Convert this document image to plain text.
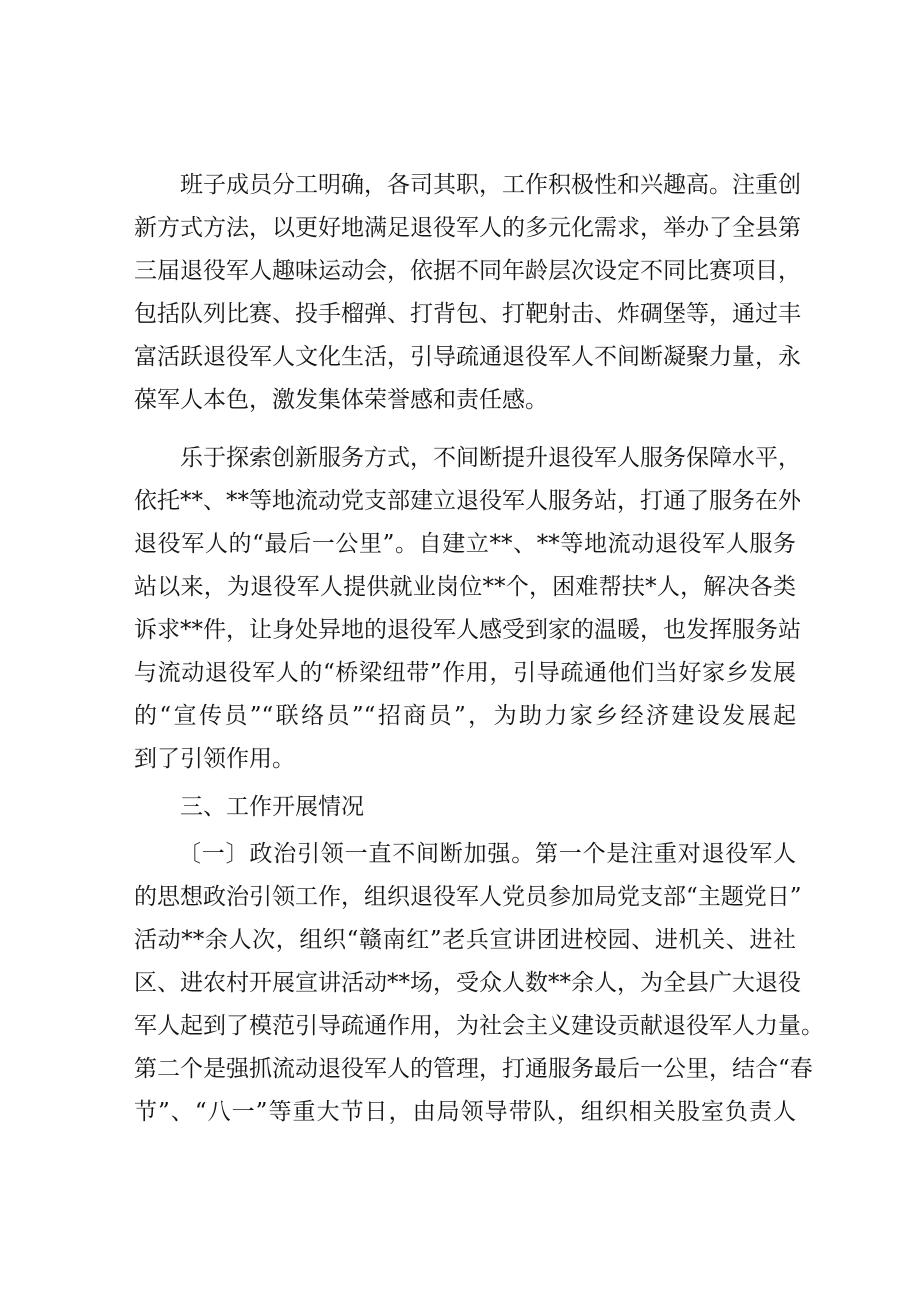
班子成员分工明确，各司其职，工作积极性和兴趣高。注重创
新方式方法，以更好地满足退役军人的多元化需求，举办了全县第
三届退役军人趣味运动会，依据不同年龄层次设定不同比赛项目，
包括队列比赛、投手榴弹、打背包、打靶射击、炸碉堡等，通过丰
富活跃退役军人文化生活，引导疏通退役军人不间断凝聚力量，永
葆军人本色，激发集体荣誉感和责任感。
乐于探索创新服务方式，不间断提升退役军人服务保障水平，
依托**、**等地流动党支部建立退役军人服务站，打通了服务在外
退役军人的“最后一公里”。自建立**、**等地流动退役军人服务
站以来，为退役军人提供就业岗位**个，困难帮扶*人，解决各类
诉求**件，让身处异地的退役军人感受到家的温暖，也发挥服务站
与流动退役军人的“桥梁纽带”作用，引导疏通他们当好家乡发展
的“宣传员”“联络员”“招商员”，为助力家乡经济建设发展起
到了引领作用。
三、工作开展情况
〔一〕政治引领一直不间断加强。第一个是注重对退役军人
的思想政治引领工作，组织退役军人党员参加局党支部“主题党日”
活动**余人次，组织“赣南红”老兵宣讲团进校园、进机关、进社
区、进农村开展宣讲活动**场，受众人数**余人，为全县广大退役
军人起到了模范引导疏通作用，为社会主义建设贡献退役军人力量。
第二个是强抓流动退役军人的管理，打通服务最后一公里，结合“春
节”、“八一”等重大节日，由局领导带队，组织相关股室负责人
